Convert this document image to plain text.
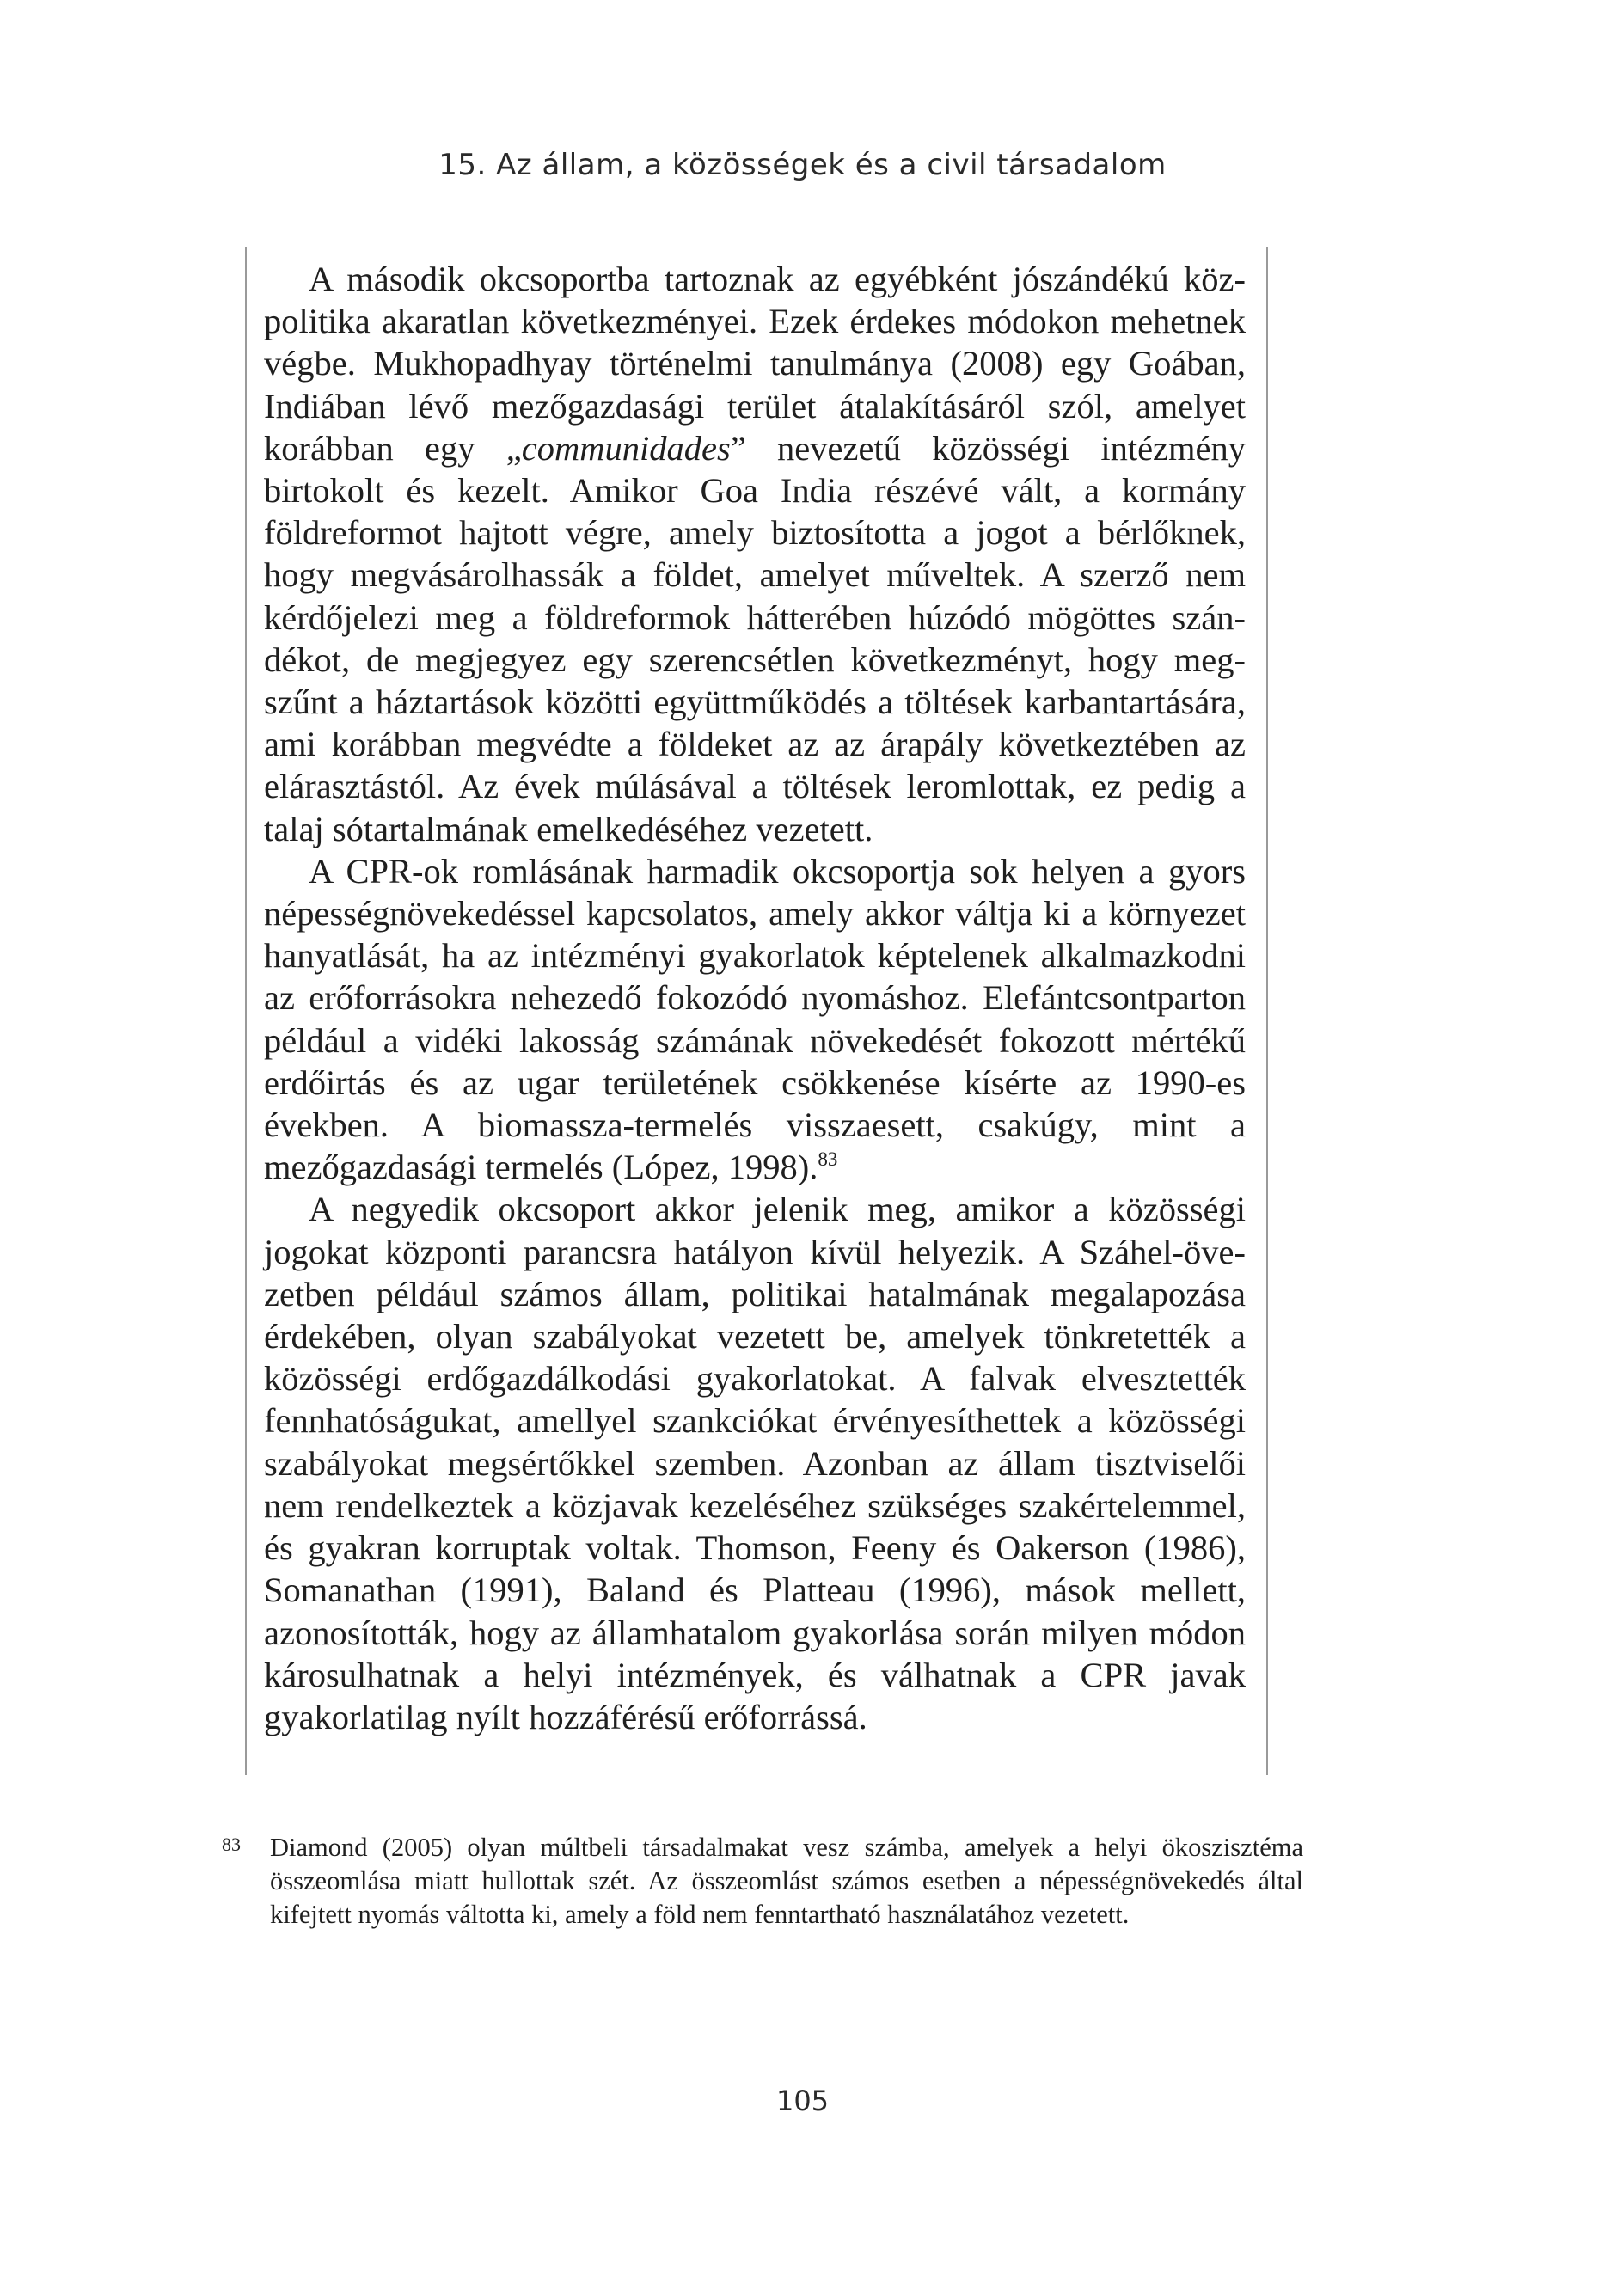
15. Az állam, a közösségek és a civil társadalom

A második okcsoportba tartoznak az egyébként jószándékú közpolitika akaratlan következményei. Ezek érdekes módokon mehetnek végbe. Mukhopadhyay történelmi tanulmánya (2008) egy Goában, Indiában lévő mezőgazdasági terület átalakításáról szól, amelyet korábban egy „communidades” nevezetű közösségi intézmény birtokolt és kezelt. Amikor Goa India részévé vált, a kormány földreformot hajtott végre, amely biztosította a jogot a bérlőknek, hogy megvásárolhassák a földet, amelyet műveltek. A szerző nem kérdőjelezi meg a földreformok hátterében húzódó mögöttes szándékot, de megjegyez egy szerencsétlen következményt, hogy megszűnt a háztartások közötti együttműködés a töltések karbantartására, ami korábban megvédte a földeket az az árapály következtében az elárasztástól. Az évek múlásával a töltések leromlottak, ez pedig a talaj sótartalmának emelkedéséhez vezetett.

A CPR-ok romlásának harmadik okcsoportja sok helyen a gyors népességnövekedéssel kapcsolatos, amely akkor váltja ki a környezet hanyatlását, ha az intézményi gyakorlatok képtelenek alkalmazkodni az erőforrásokra nehezedő fokozódó nyomáshoz. Elefántcsontparton például a vidéki lakosság számának növekedését fokozott mértékű erdőirtás és az ugar területének csökkenése kísérte az 1990-es években. A biomassza-termelés visszaesett, csakúgy, mint a mezőgazdasági termelés (López, 1998).$^{83}$

A negyedik okcsoport akkor jelenik meg, amikor a közösségi jogokat központi parancsra hatályon kívül helyezik. A Száhel-övezetben például számos állam, politikai hatalmának megalapozása érdekében, olyan szabályokat vezetett be, amelyek tönkretették a közösségi erdőgazdálkodási gyakorlatokat. A falvak elvesztették fennhatóságukat, amellyel szankciókat érvényesíthettek a közösségi szabályokat megsértőkkel szemben. Azonban az állam tisztviselői nem rendelkeztek a közjavak kezeléséhez szükséges szakértelemmel, és gyakran korruptak voltak. Thomson, Feeny és Oakerson (1986), Somanathan (1991), Baland és Platteau (1996), mások mellett, azonosították, hogy az államhatalom gyakorlása során milyen módon károsulhatnak a helyi intézmények, és válhatnak a CPR javak gyakorlatilag nyílt hozzáférésű erőforrássá.

83 Diamond (2005) olyan múltbeli társadalmakat vesz számba, amelyek a helyi ökoszisztéma összeomlása miatt hullottak szét. Az összeomlást számos esetben a népességnövekedés által kifejtett nyomás váltotta ki, amely a föld nem fenntartható használatához vezetett.
105
